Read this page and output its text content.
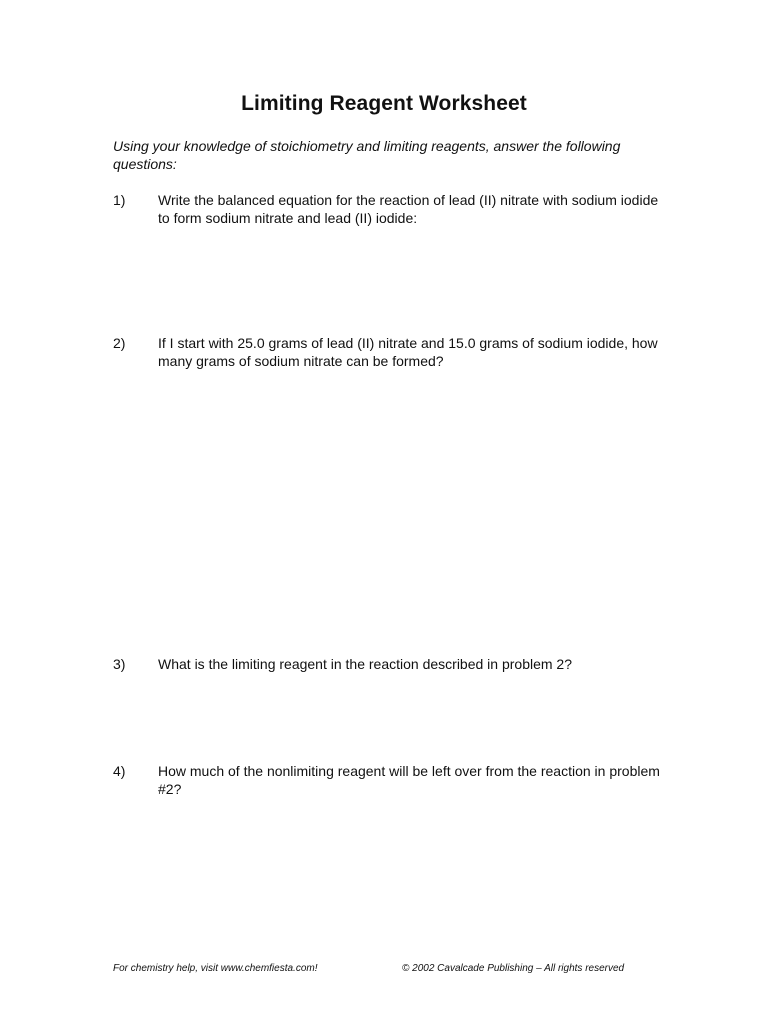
Limiting Reagent Worksheet
Using your knowledge of stoichiometry and limiting reagents, answer the following questions:
1) Write the balanced equation for the reaction of lead (II) nitrate with sodium iodide to form sodium nitrate and lead (II) iodide:
2) If I start with 25.0 grams of lead (II) nitrate and 15.0 grams of sodium iodide, how many grams of sodium nitrate can be formed?
3) What is the limiting reagent in the reaction described in problem 2?
4) How much of the nonlimiting reagent will be left over from the reaction in problem #2?
For chemistry help, visit www.chemfiesta.com!	© 2002 Cavalcade Publishing – All rights reserved
